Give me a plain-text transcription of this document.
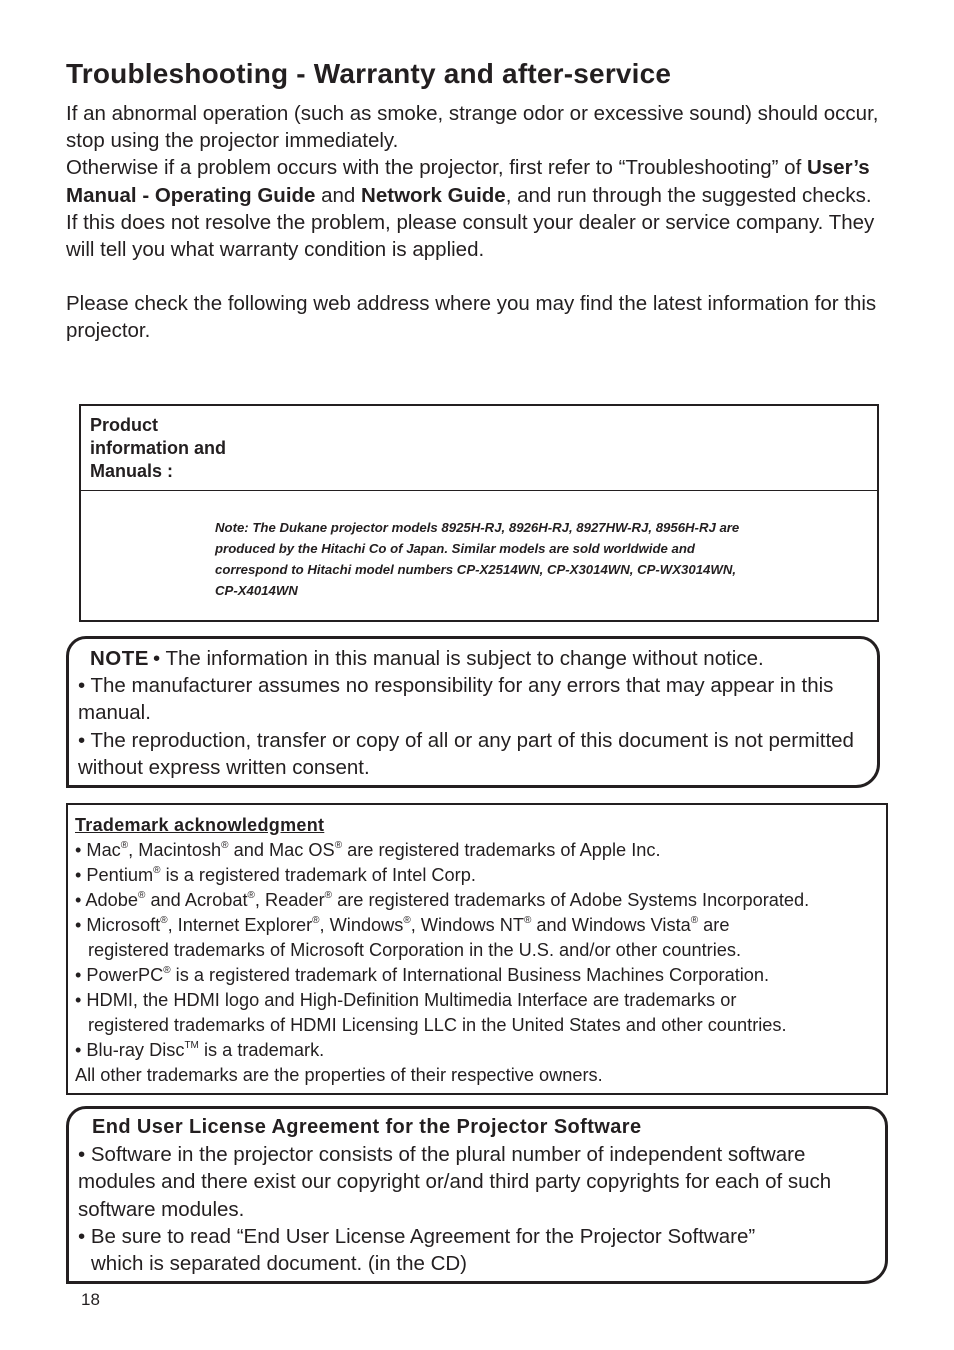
Troubleshooting - Warranty and after-service

If an abnormal operation (such as smoke, strange odor or excessive sound) should occur, stop using the projector immediately.

Otherwise if a problem occurs with the projector, first refer to “Troubleshooting” of User’s Manual - Operating Guide and Network Guide, and run through the suggested checks.

If this does not resolve the problem, please consult your dealer or service company. They will tell you what warranty condition is applied.

Please check the following web address where you may find the latest information for this projector.

Product information and Manuals :
Note: The Dukane projector models 8925H-RJ, 8926H-RJ, 8927HW-RJ, 8956H-RJ are produced by the Hitachi Co of Japan. Similar models are sold worldwide and correspond to Hitachi model numbers CP-X2514WN, CP-X3014WN, CP-WX3014WN, CP-X4014WN

NOTE • The information in this manual is subject to change without notice.

• The manufacturer assumes no responsibility for any errors that may appear in this manual.

• The reproduction, transfer or copy of all or any part of this document is not permitted without express written consent.

Trademark acknowledgment
• Mac®, Macintosh® and Mac OS® are registered trademarks of Apple Inc.
• Pentium® is a registered trademark of Intel Corp.
• Adobe® and Acrobat®, Reader® are registered trademarks of Adobe Systems Incorporated.
• Microsoft®, Internet Explorer®, Windows®, Windows NT® and Windows Vista® are
registered trademarks of Microsoft Corporation in the U.S. and/or other countries.
• PowerPC® is a registered trademark of International Business Machines Corporation.
• HDMI, the HDMI logo and High-Definition Multimedia Interface are trademarks or
registered trademarks of HDMI Licensing LLC in the United States and other countries.
• Blu-ray Disc™ is a trademark.
All other trademarks are the properties of their respective owners.

End User License Agreement for the Projector Software

• Software in the projector consists of the plural number of independent software modules and there exist our copyright or/and third party copyrights for each of such software modules.

• Be sure to read “End User License Agreement for the Projector Software”

which is separated document. (in the CD)

18
